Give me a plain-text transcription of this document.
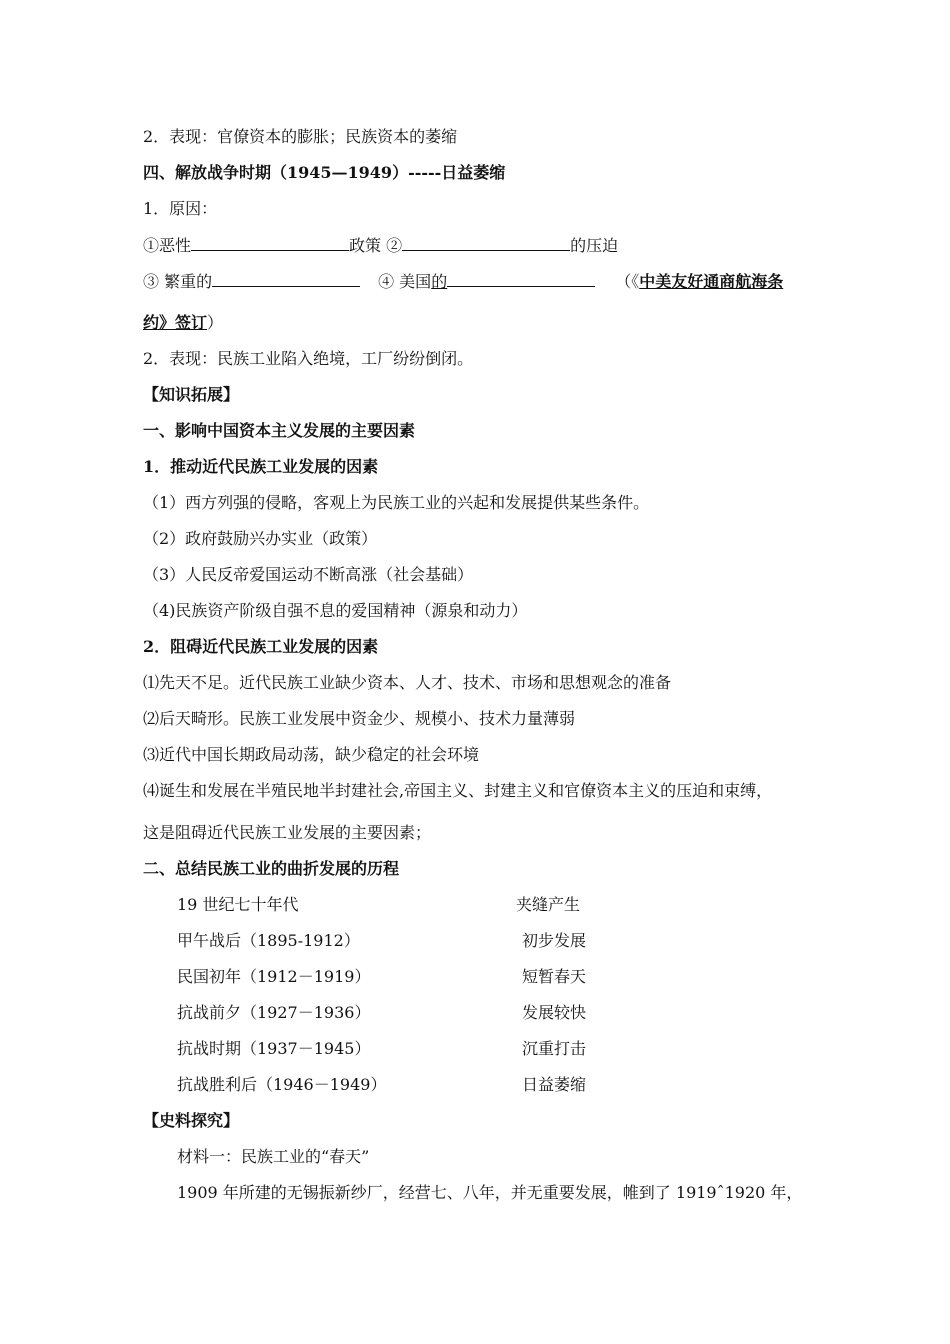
2．表现：官僚资本的膨胀；民族资本的萎缩
四、解放战争时期（1945—1949）-----日益萎缩
1．原因：
①恶性	政策 ②	的压迫
③ 繁重的	④ 美国的	（《中美友好通商航海条
约》签订）
2．表现：民族工业陷入绝境，工厂纷纷倒闭。
【知识拓展】
一、影响中国资本主义发展的主要因素
1．推动近代民族工业发展的因素
（1）西方列强的侵略，客观上为民族工业的兴起和发展提供某些条件。
（2）政府鼓励兴办实业（政策）
（3）人民反帝爱国运动不断高涨（社会基础）
（4)民族资产阶级自强不息的爱国精神（源泉和动力）
2．阻碍近代民族工业发展的因素
⑴先天不足。近代民族工业缺少资本、人才、技术、市场和思想观念的准备
⑵后天畸形。民族工业发展中资金少、规模小、技术力量薄弱
⑶近代中国长期政局动荡，缺少稳定的社会环境
⑷诞生和发展在半殖民地半封建社会,帝国主义、封建主义和官僚资本主义的压迫和束缚，
这是阻碍近代民族工业发展的主要因素；
二、总结民族工业的曲折发展的历程
19 世纪七十年代	夹缝产生
甲午战后（1895-1912）	初步发展
民国初年（1912－1919）	短暂春天
抗战前夕（1927－1936）	发展较快
抗战时期（1937－1945）	沉重打击
抗战胜利后（1946－1949）	日益萎缩
【史料探究】
材料一：民族工业的“春天”
1909 年所建的无锡振新纱厂，经营七、八年，并无重要发展，帷到了 1919ˆ1920 年，
